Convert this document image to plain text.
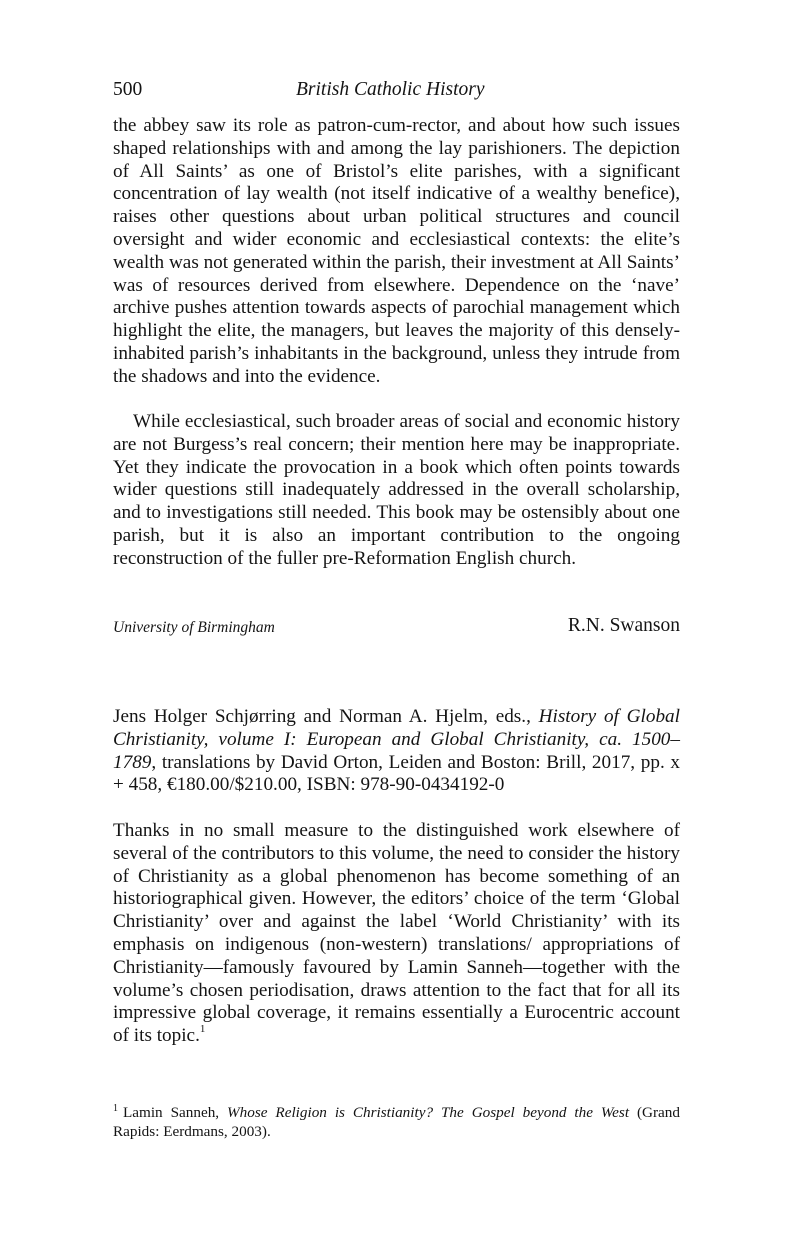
500	British Catholic History

the abbey saw its role as patron-cum-rector, and about how such issues shaped relationships with and among the lay parishioners. The depiction of All Saints’ as one of Bristol’s elite parishes, with a significant concentration of lay wealth (not itself indicative of a wealthy benefice), raises other questions about urban political structures and council oversight and wider economic and ecclesiastical contexts: the elite’s wealth was not generated within the parish, their investment at All Saints’ was of resources derived from elsewhere. Dependence on the ‘nave’ archive pushes attention towards aspects of parochial management which highlight the elite, the managers, but leaves the majority of this densely-inhabited parish’s inhabitants in the background, unless they intrude from the shadows and into the evidence.

While ecclesiastical, such broader areas of social and economic history are not Burgess’s real concern; their mention here may be inappropriate. Yet they indicate the provocation in a book which often points towards wider questions still inadequately addressed in the overall scholarship, and to investigations still needed. This book may be ostensibly about one parish, but it is also an important contribution to the ongoing reconstruction of the fuller pre-Reformation English church.

University of Birmingham	R.N. Swanson

Jens Holger Schjørring and Norman A. Hjelm, eds., History of Global Christianity, volume I: European and Global Christianity, ca. 1500–1789, translations by David Orton, Leiden and Boston: Brill, 2017, pp. x + 458, €180.00/$210.00, ISBN: 978-90-0434192-0

Thanks in no small measure to the distinguished work elsewhere of several of the contributors to this volume, the need to consider the history of Christianity as a global phenomenon has become something of an historiographical given. However, the editors’ choice of the term ‘Global Christianity’ over and against the label ‘World Christianity’ with its emphasis on indigenous (non-western) translations/ appropriations of Christianity—famously favoured by Lamin Sanneh—together with the volume’s chosen periodisation, draws attention to the fact that for all its impressive global coverage, it remains essentially a Eurocentric account of its topic.$^1$

$^1$ Lamin Sanneh, Whose Religion is Christianity? The Gospel beyond the West (Grand Rapids: Eerdmans, 2003).
